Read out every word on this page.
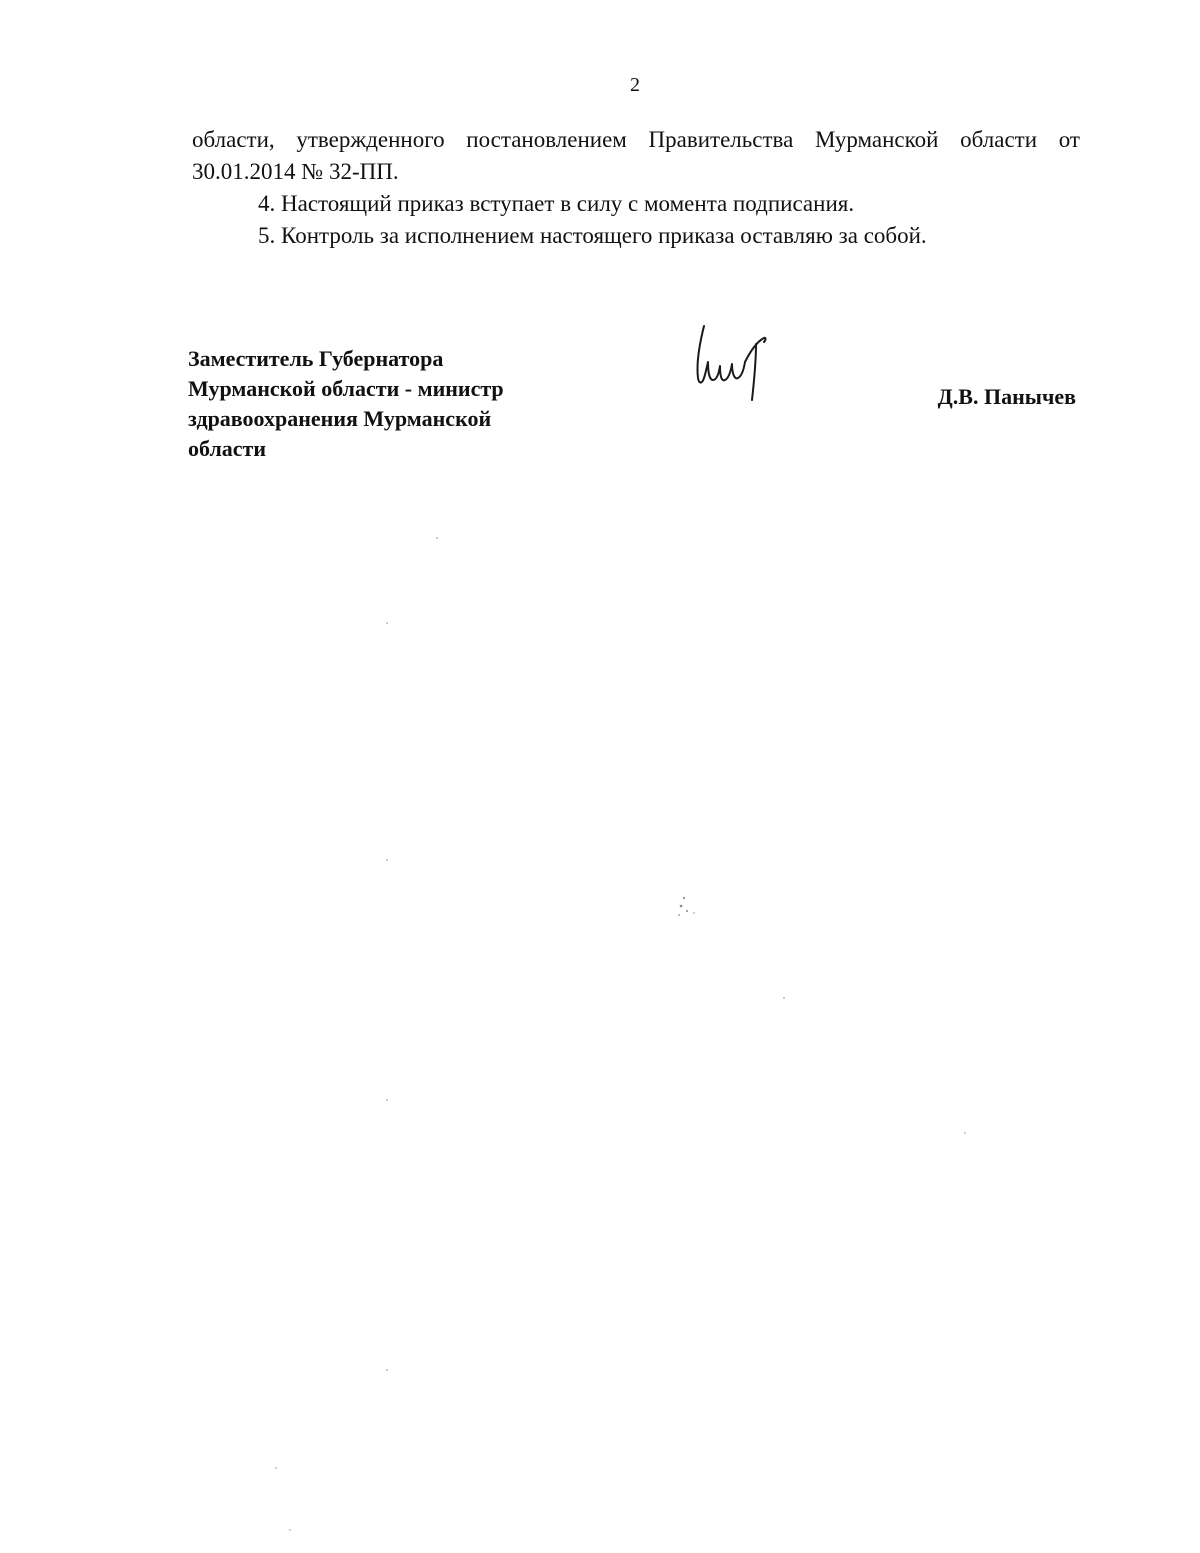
2

области, утвержденного постановлением Правительства Мурманской области от
30.01.2014 № 32-ПП.

4. Настоящий приказ вступает в силу с момента подписания.

5. Контроль за исполнением настоящего приказа оставляю за собой.

Заместитель Губернатора
Мурманской области - министр
здравоохранения Мурманской
области
Д.В. Панычев
